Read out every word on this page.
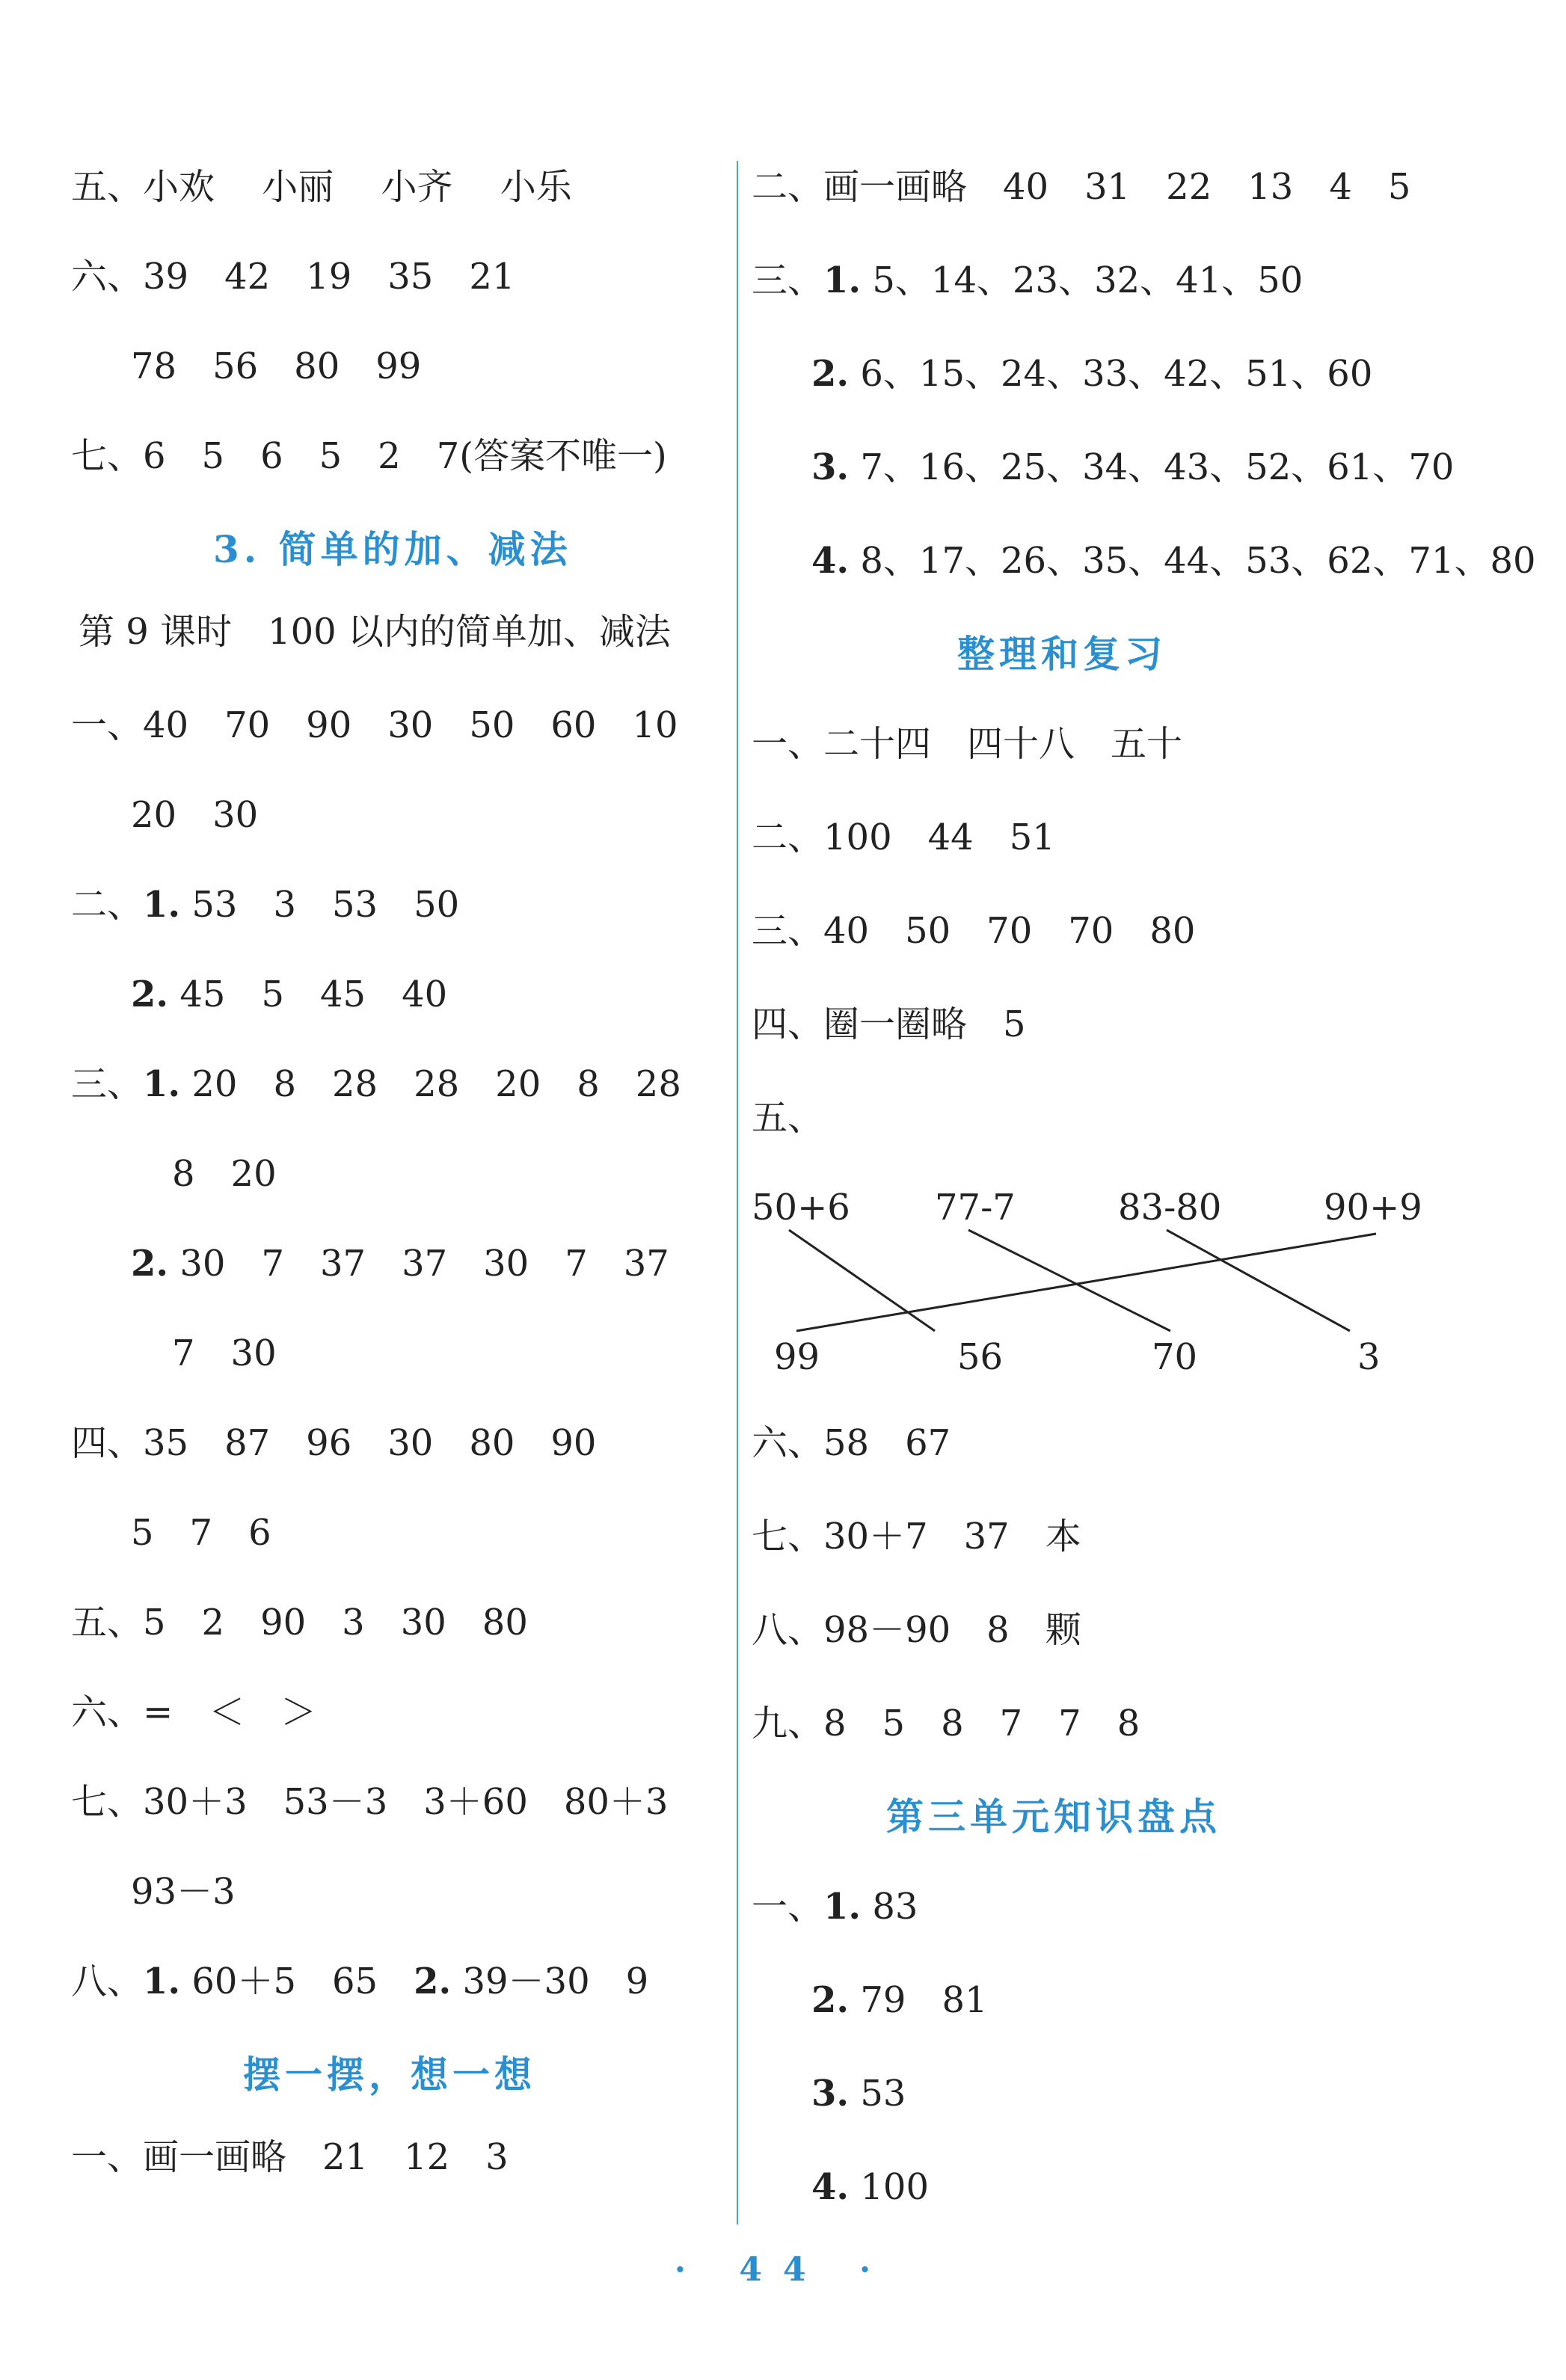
五、小欢　 小丽　 小齐　 小乐
六、39　42　19　35　21
78　56　80　99
七、6　5　6　5　2　7(答案不唯一)
3. 简单的加、减法
第 9 课时　100 以内的简单加、减法
一、40　70　90　30　50　60　10
20　30
二、1. 53　3　53　50
2. 45　5　45　40
三、1. 20　8　28　28　20　8　28
8　20
2. 30　7　37　37　30　7　37
7　30
四、35　87　96　30　80　90
5　7　6
五、5　2　90　3　30　80
六、=　＜　＞
七、30＋3　53－3　3＋60　80＋3
93－3
八、1. 60＋5　65　2. 39－30　9
摆一摆，想一想
一、画一画略　21　12　3
二、画一画略　40　31　22　13　4　5
三、1. 5、14、23、32、41、50
2. 6、15、24、33、42、51、60
3. 7、16、25、34、43、52、61、70
4. 8、17、26、35、44、53、62、71、80
整理和复习
一、二十四　四十八　五十
二、100　44　51
三、40　50　70　70　80
四、圈一圈略　5
五、
50+6 77-7	83-80	90+9
99	56	70	3
六、58　67
七、30＋7　37　本
八、98－90　8　颗
九、8　5　8　7　7　8
第三单元知识盘点
一、1. 83
2. 79　81
3. 53
4. 100
· 44 ·
